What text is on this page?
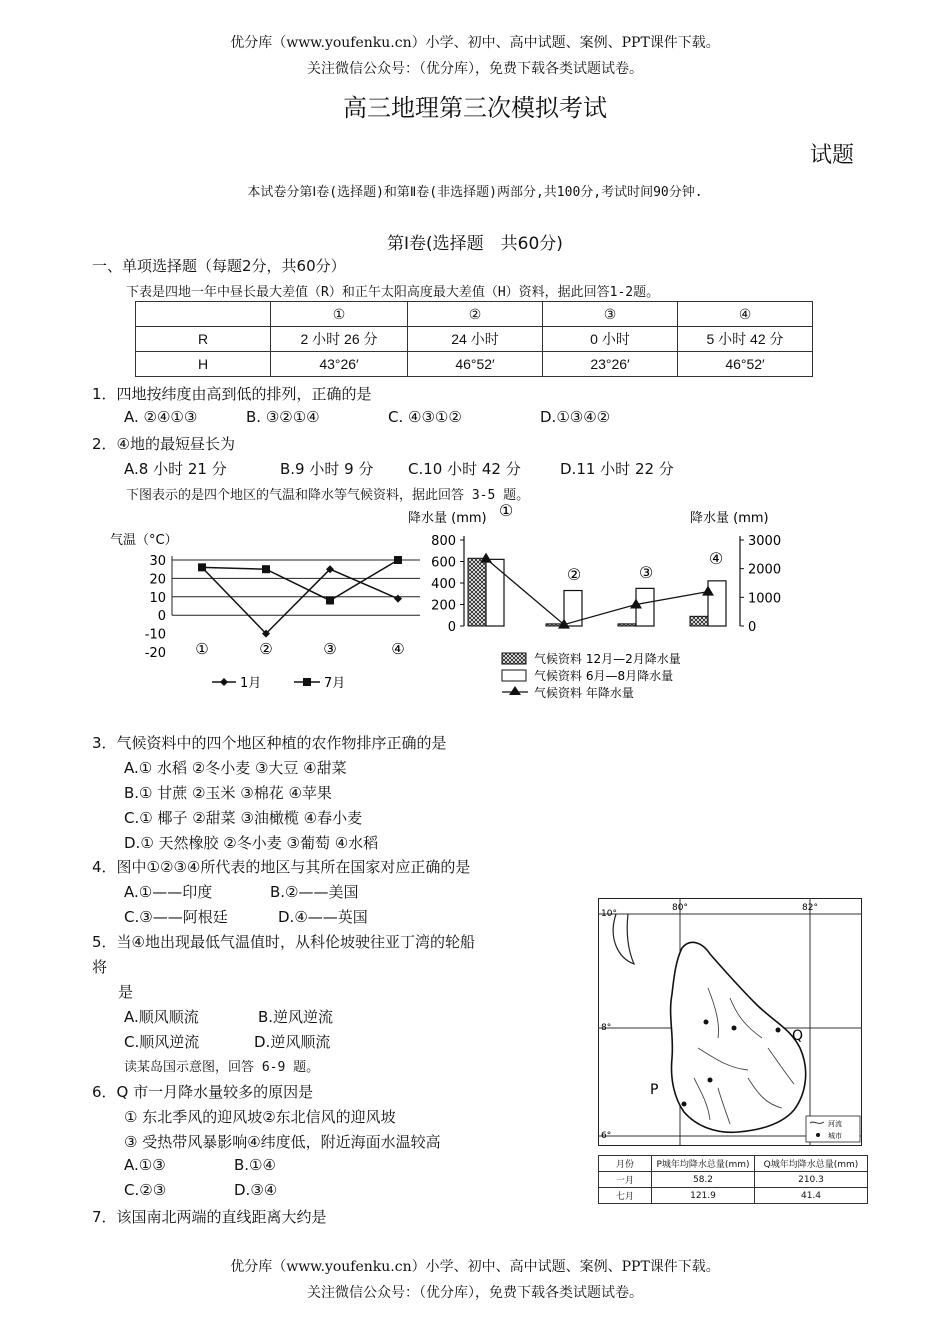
优分库（www.youfenku.cn）小学、初中、高中试题、案例、PPT课件下载。
关注微信公众号：（优分库），免费下载各类试题试卷。
高三地理第三次模拟考试
试题
本试卷分第Ⅰ卷(选择题)和第Ⅱ卷(非选择题)两部分,共100分,考试时间90分钟.
第Ⅰ卷(选择题　共60分)
一、单项选择题（每题2分，共60分）
下表是四地一年中昼长最大差值（R）和正午太阳高度最大差值（H）资料，据此回答1-2题。
	①	②	③	④
R	2 小时 26 分	24 小时	0 小时	5 小时 42 分
H	43°26′	46°52′	23°26′	46°52′
1．四地按纬度由高到低的排列，正确的是
A. ②④①③	B. ③②①④	C. ④③①②	D.①③④②
2．④地的最短昼长为
A.8 小时 21 分	B.9 小时 9 分 C.10 小时 42 分	D.11 小时 22 分
下图表示的是四个地区的气温和降水等气候资料，据此回答 3-5 题。
气温（°C）
30
20
10
0
-10
-20 ①	②	③	④
1月	7月
降水量 (mm)	降水量 (mm)
800
600
400
200
0
3000
2000
1000
0
①
②	③
④
气候资料 12月—2月降水量
气候资料 6月—8月降水量
气候资料 年降水量
3．气候资料中的四个地区种植的农作物排序正确的是
A.① 水稻 ②冬小麦 ③大豆 ④甜菜
B.① 甘蔗 ②玉米 ③棉花 ④苹果
C.① 椰子 ②甜菜 ③油橄榄 ④春小麦
D.① 天然橡胶 ②冬小麦 ③葡萄 ④水稻
4．图中①②③④所代表的地区与其所在国家对应正确的是
A.①——印度	B.②——美国
C.③——阿根廷	D.④——英国
5．当④地出现最低气温值时，从科伦坡驶往亚丁湾的轮船
将
是
A.顺风顺流	B.逆风逆流
C.顺风逆流	D.逆风顺流
读某岛国示意图，回答 6-9 题。
6．Q 市一月降水量较多的原因是
① 东北季风的迎风坡②东北信风的迎风坡
③ 受热带风暴影响④纬度低，附近海面水温较高
A.①③	B.①④
C.②③	D.③④
7．该国南北两端的直线距离大约是
80°	82°
10°
8°
6°
P
Q
河流
城市
月份	P城年均降水总量(mm)	Q城年均降水总量(mm)
一月	58.2	210.3
七月	121.9	41.4
优分库（www.youfenku.cn）小学、初中、高中试题、案例、PPT课件下载。
关注微信公众号：（优分库），免费下载各类试题试卷。
